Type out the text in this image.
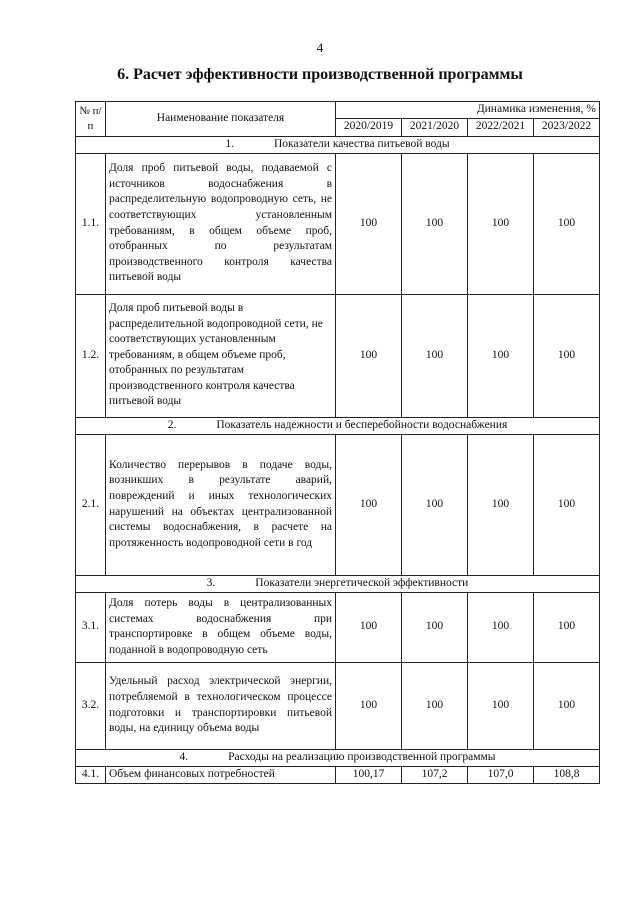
4
6. Расчет эффективности производственной программы
№ п/п	Наименование показателя	Динамика изменения, %			
		2020/2019	2021/2020	2022/2021	2023/2022
1. Показатели качества питьевой воды					
1.1.	Доля проб питьевой воды, подаваемой с источников водоснабжения в распределительную водопроводную сеть, не соответствующих установленным требованиям, в общем объеме проб, отобранных по результатам производственного контроля качества питьевой воды	100	100	100	100
1.2.	Доля проб питьевой воды в распределительной водопроводной сети, не соответствующих установленным требованиям, в общем объеме проб, отобранных по результатам производственного контроля качества питьевой воды	100	100	100	100
2. Показатель надежности и бесперебойности водоснабжения					
2.1.	Количество перерывов в подаче воды, возникших в результате аварий, повреждений и иных технологических нарушений на объектах централизованной системы водоснабжения, в расчете на протяженность водопроводной сети в год	100	100	100	100
3. Показатели энергетической эффективности					
3.1.	Доля потерь воды в централизованных системах водоснабжения при транспортировке в общем объеме воды, поданной в водопроводную сеть	100	100	100	100
3.2.	Удельный расход электрической энергии, потребляемой в технологическом процессе подготовки и транспортировки питьевой воды, на единицу объема воды	100	100	100	100
4. Расходы на реализацию производственной программы					
4.1.	Объем финансовых потребностей	100,17	107,2	107,0	108,8
